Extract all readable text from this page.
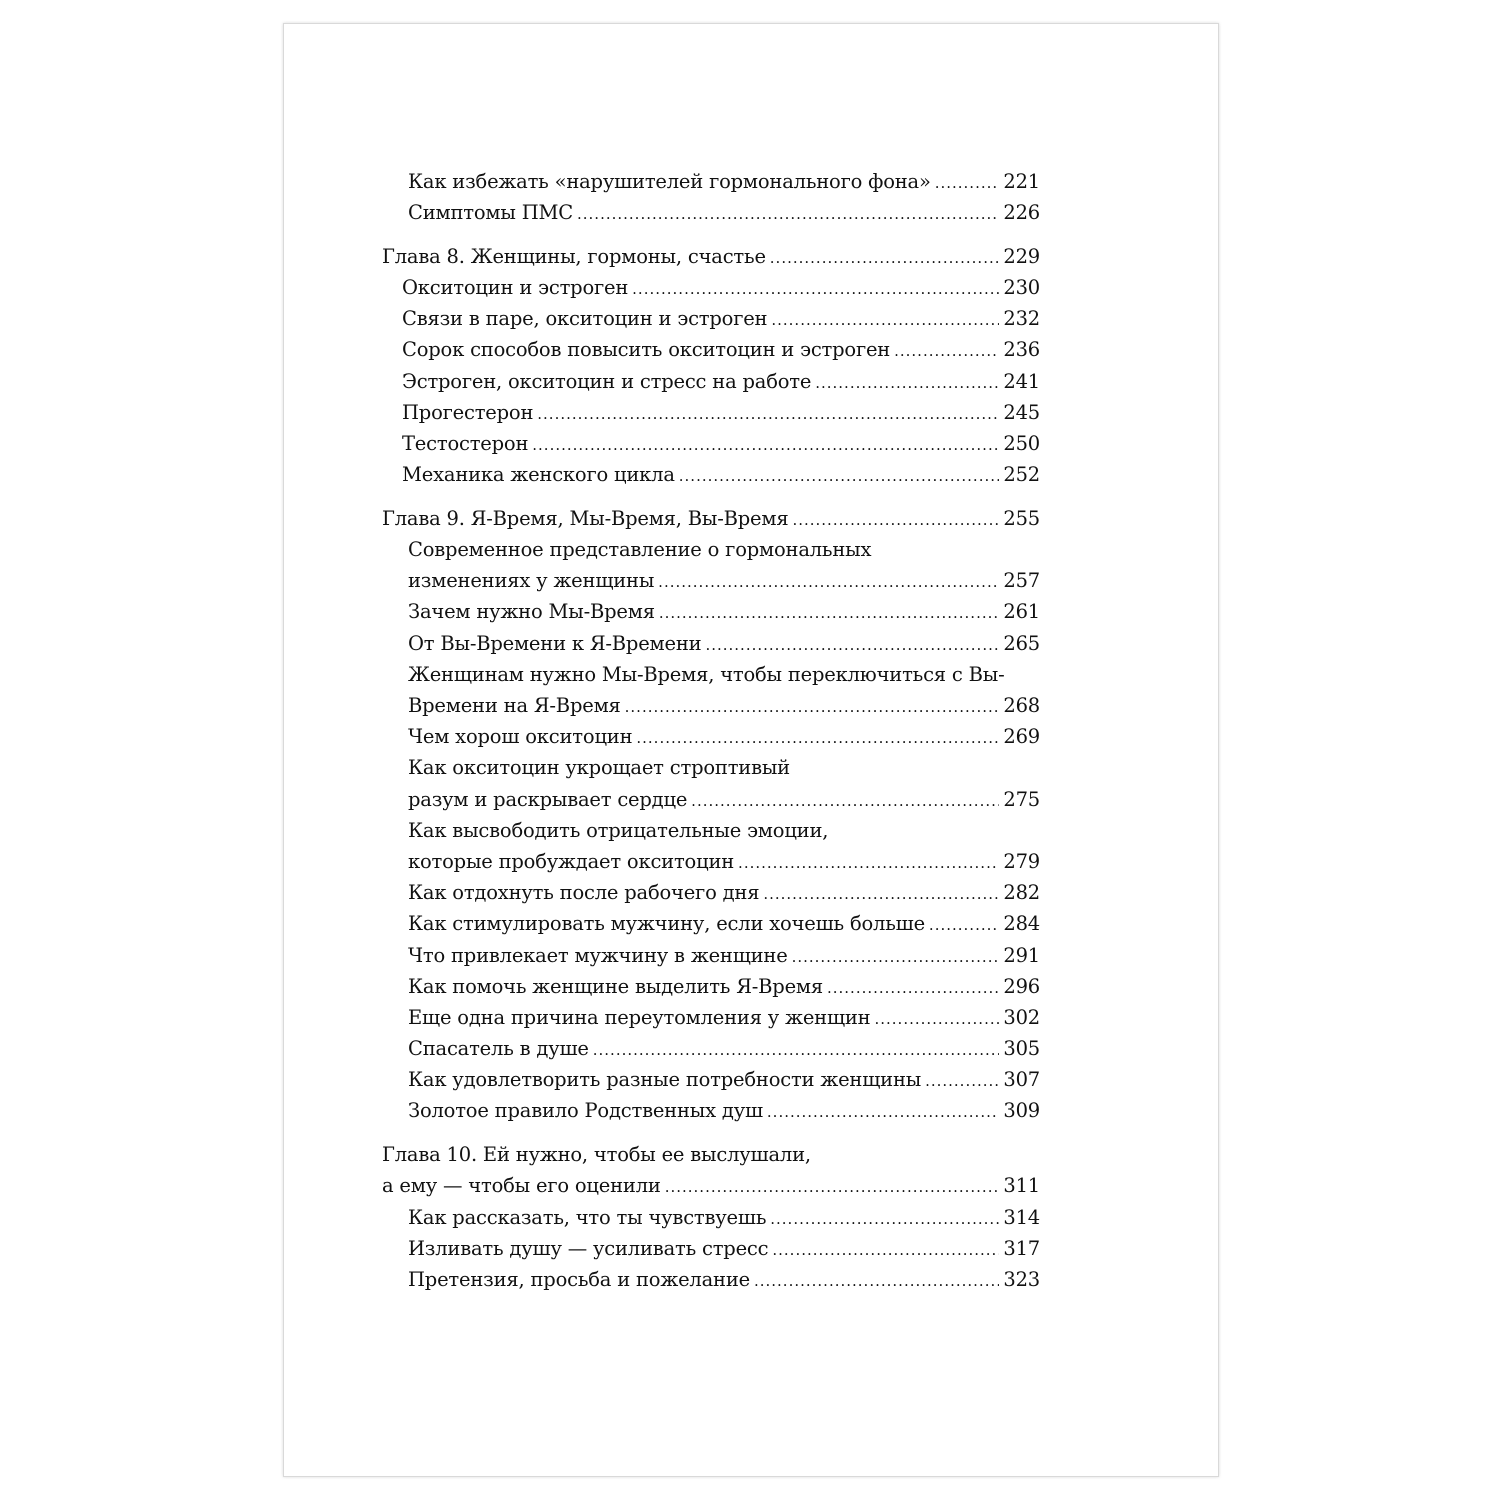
Как избежать «нарушителей гормонального фона» .....	221
Симптомы ПМС .....	226
Глава 8. Женщины, гормоны, счастье .....	229
Окситоцин и эстроген .....	230
Связи в паре, окситоцин и эстроген .....	232
Сорок способов повысить окситоцин и эстроген .....	236
Эстроген, окситоцин и стресс на работе .....	241
Прогестерон .....	245
Тестостерон .....	250
Механика женского цикла .....	252
Глава 9. Я-Время, Мы-Время, Вы-Время .....	255
Современное представление о гормональных
изменениях у женщины .....	257
Зачем нужно Мы-Время .....	261
От Вы-Времени к Я-Времени .....	265
Женщинам нужно Мы-Время, чтобы переключиться с Вы-
Времени на Я-Время .....	268
Чем хорош окситоцин .....	269
Как окситоцин укрощает строптивый
разум и раскрывает сердце .....	275
Как высвободить отрицательные эмоции,
которые пробуждает окситоцин .....	279
Как отдохнуть после рабочего дня .....	282
Как стимулировать мужчину, если хочешь больше .....	284
Что привлекает мужчину в женщине .....	291
Как помочь женщине выделить Я-Время .....	296
Еще одна причина переутомления у женщин .....	302
Спасатель в душе .....	305
Как удовлетворить разные потребности женщины .....	307
Золотое правило Родственных душ .....	309
Глава 10. Ей нужно, чтобы ее выслушали,
а ему — чтобы его оценили .....	311
Как рассказать, что ты чувствуешь .....	314
Изливать душу — усиливать стресс .....	317
Претензия, просьба и пожелание .....	323
